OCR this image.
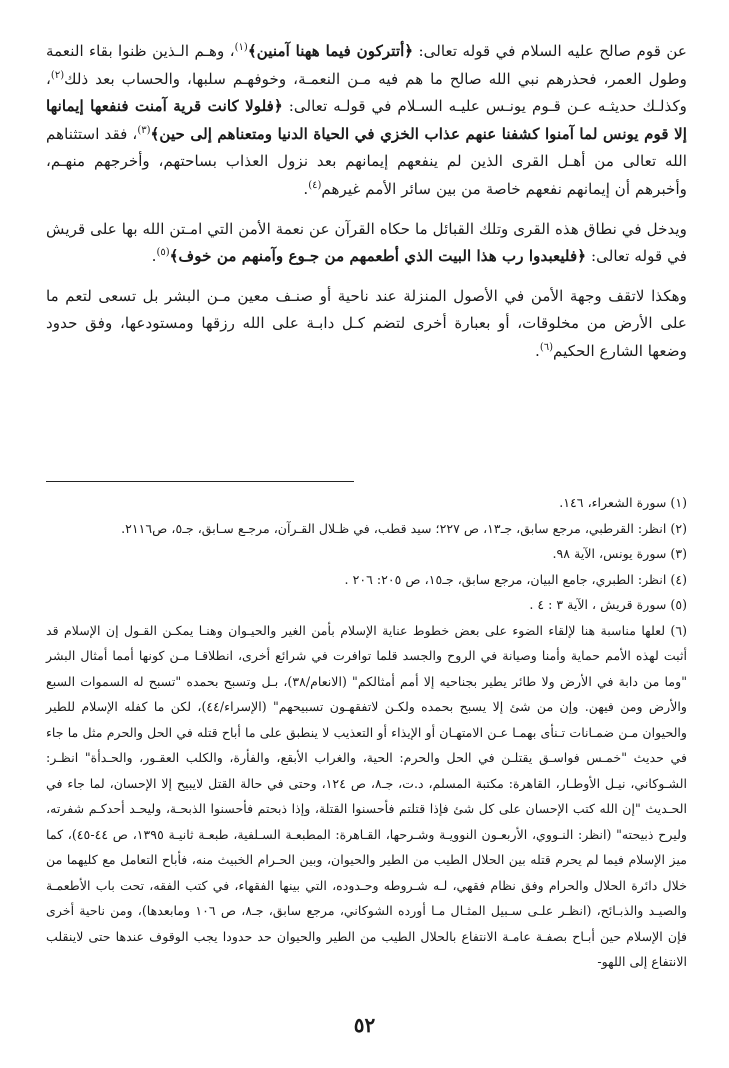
عن قوم صالح عليه السلام في قوله تعالى: ﴿أتتركون فيما ههنا آمنين﴾$^{(١)}$، وهـم الـذين ظنوا بقاء النعمة وطول العمر، فحذرهم نبي الله صالح ما هم فيه مـن النعمـة، وخوفهـم سلبها، والحساب بعد ذلك$^{(٢)}$، وكذلـك حديثـه عـن قـوم يونـس عليـه السـلام في قولـه تعالى: ﴿فلولا كانت قرية آمنت فنفعها إيمانها إلا قوم يونس لما آمنوا كشفنا عنهم عذاب الخزي في الحياة الدنيا ومتعناهم إلى حين﴾$^{(٣)}$، فقد استثناهم الله تعالى من أهـل القرى الذين لم ينفعهم إيمانهم بعد نزول العذاب بساحتهم، وأخرجهم منهـم، وأخبرهم أن إيمانهم نفعهم خاصة من بين سائر الأمم غيرهم$^{(٤)}$.

ويدخل في نطاق هذه القرى وتلك القبائل ما حكاه القرآن عن نعمة الأمن التي امـتن الله بها على قريش في قوله تعالى: ﴿فليعبدوا رب هذا البيت الذي أطعمهم من جـوع وآمنهم من خوف﴾$^{(٥)}$.

وهكذا لاتقف وجهة الأمن في الأصول المنزلة عند ناحية أو صنـف معين مـن البشر بل تسعى لتعم ما على الأرض من مخلوقات، أو بعبارة أخرى لتضم كـل دابـة على الله رزقها ومستودعها، وفق حدود وضعها الشارع الحكيم$^{(٦)}$.

(١) سورة الشعراء، ١٤٦.

(٢) انظر: القرطبي، مرجع سابق، جـ١٣، ص ٢٢٧؛ سيد قطب، في ظـلال القـرآن، مرجـع سـابق، جـ٥، ص٢١١٦.

(٣) سورة يونس، الآية ٩٨.

(٤) انظر: الطبري، جامع البيان، مرجع سابق، جـ١٥، ص ٢٠٥: ٢٠٦ .

(٥) سورة قريش ، الآية ٣ : ٤ .

(٦) لعلها مناسبة هنا لإلقاء الضوء على بعض خطوط عناية الإسلام بأمن الغير والحيـوان وهنـا يمكـن القـول إن الإسلام قد أثبت لهذه الأمم حماية وأمنا وصيانة في الروح والجسد قلما توافرت في شرائع أخرى، انطلاقـا مـن كونها أمما أمثال البشر "وما من دابة في الأرض ولا طائر يطير بجناحيه إلا أمم أمثالكم" (الانعام/٣٨)، بـل وتسبح بحمده "تسبح له السموات السبع والأرض ومن فيهن. وإن من شئ إلا يسبح بحمده ولكـن لاتفقهـون تسبيحهم" (الإسراء/٤٤)، لكن ما كفله الإسلام للطير والحيوان مـن ضمـانات تـنأى بهمـا عـن الامتهـان أو الإيذاء أو التعذيب لا ينطبق على ما أباح قتله في الحل والحرم مثل ما جاء في حديث "خمـس فواسـق يقتلـن في الحل والحرم: الحية، والغراب الأبقع، والفأرة، والكلب العقـور، والحـدأة" انظـر: الشـوكاني، نيـل الأوطـار، القاهرة: مكتبة المسلم، د.ت، جـ٨، ص ١٢٤، وحتى في حالة القتل لايبيح إلا الإحسان، لما جاء في الحـديث "إن الله كتب الإحسان على كل شئ فإذا قتلتم فأحسنوا القتلة، وإذا ذبحتم فأحسنوا الذبحـة، وليحـد أحدكـم شفرته، وليرح ذبيحته" (انظر: النـووي، الأربعـون النوويـة وشـرحها، القـاهرة: المطبعـة السـلفية، طبعـة ثانيـة ١٣٩٥، ص ٤٤-٤٥)، كما ميز الإسلام فيما لم يحرم قتله بين الحلال الطيب من الطير والحيوان، وبين الحـرام الخبيث منه، فأباح التعامل مع كليهما من خلال دائرة الحلال والحرام وفق نظام فقهي، لـه شـروطه وحـدوده، التي بينها الفقهاء، في كتب الفقه، تحت باب الأطعمـة والصيـد والذبـائح، (انظـر علـى سـبيل المثـال مـا أورده الشوكاني، مرجع سابق، جـ٨، ص ١٠٦ ومابعدها)، ومن ناحية أخرى فإن الإسلام حين أبـاح بصفـة عامـة الانتفاع بالحلال الطيب من الطير والحيوان حد حدودا يجب الوقوف عندها حتى لاينقلب الانتفاع إلى اللهو-

٥٢
